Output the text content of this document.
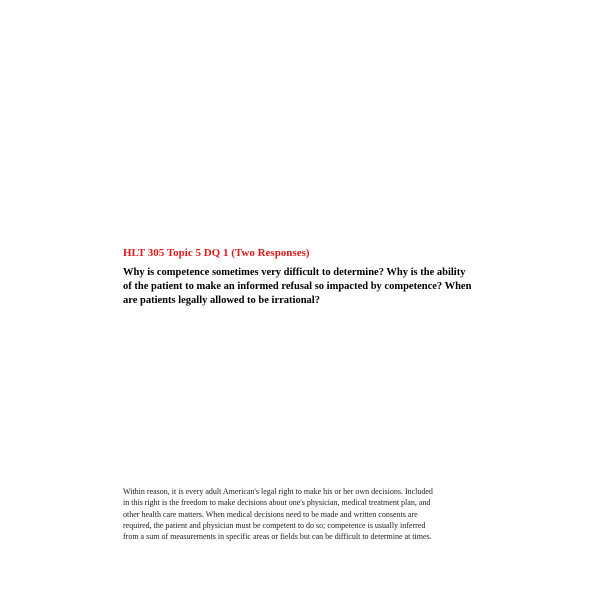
HLT 305 Topic 5 DQ 1 (Two Responses)
Why is competence sometimes very difficult to determine? Why is the ability
of the patient to make an informed refusal so impacted by competence? When
are patients legally allowed to be irrational?
Within reason, it is every adult American's legal right to make his or her own decisions. Included
in this right is the freedom to make decisions about one's physician, medical treatment plan, and
other health care matters. When medical decisions need to be made and written consents are
required, the patient and physician must be competent to do so; competence is usually inferred
from a sum of measurements in specific areas or fields but can be difficult to determine at times.
